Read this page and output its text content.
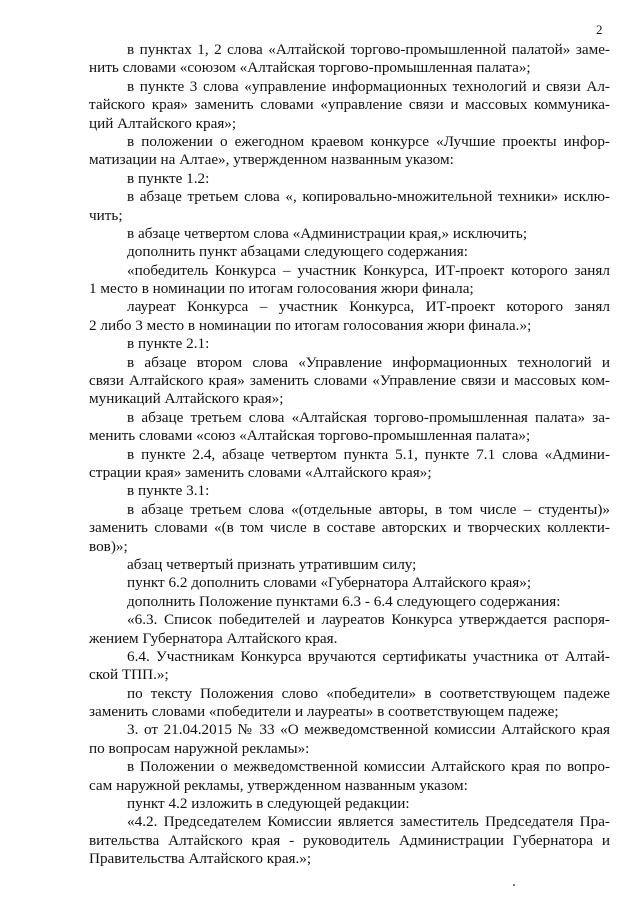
2
в пунктах 1, 2 слова «Алтайской торгово-промышленной палатой» заме-
нить словами «союзом «Алтайская торгово-промышленная палата»;
в пункте 3 слова «управление информационных технологий и связи Ал-
тайского края» заменить словами «управление связи и массовых коммуника-
ций Алтайского края»;
в положении о ежегодном краевом конкурсе «Лучшие проекты инфор-
матизации на Алтае», утвержденном названным указом:
в пункте 1.2:
в абзаце третьем слова «, копировально-множительной техники» исклю-
чить;
в абзаце четвертом слова «Администрации края,» исключить;
дополнить пункт абзацами следующего содержания:
«победитель Конкурса – участник Конкурса, ИТ-проект которого занял
1 место в номинации по итогам голосования жюри финала;
лауреат Конкурса – участник Конкурса, ИТ-проект которого занял
2 либо 3 место в номинации по итогам голосования жюри финала.»;
в пункте 2.1:
в абзаце втором слова «Управление информационных технологий и
связи Алтайского края» заменить словами «Управление связи и массовых ком-
муникаций Алтайского края»;
в абзаце третьем слова «Алтайская торгово-промышленная палата» за-
менить словами «союз «Алтайская торгово-промышленная палата»;
в пункте 2.4, абзаце четвертом пункта 5.1, пункте 7.1 слова «Админи-
страции края» заменить словами «Алтайского края»;
в пункте 3.1:
в абзаце третьем слова «(отдельные авторы, в том числе – студенты)»
заменить словами «(в том числе в составе авторских и творческих коллекти-
вов)»;
абзац четвертый признать утратившим силу;
пункт 6.2 дополнить словами «Губернатора Алтайского края»;
дополнить Положение пунктами 6.3 - 6.4 следующего содержания:
«6.3. Список победителей и лауреатов Конкурса утверждается распоря-
жением Губернатора Алтайского края.
6.4. Участникам Конкурса вручаются сертификаты участника от Алтай-
ской ТПП.»;
по тексту Положения слово «победители» в соответствующем падеже
заменить словами «победители и лауреаты» в соответствующем падеже;
3. от 21.04.2015 № 33 «О межведомственной комиссии Алтайского края
по вопросам наружной рекламы»:
в Положении о межведомственной комиссии Алтайского края по вопро-
сам наружной рекламы, утвержденном названным указом:
пункт 4.2 изложить в следующей редакции:
«4.2. Председателем Комиссии является заместитель Председателя Пра-
вительства Алтайского края - руководитель Администрации Губернатора и
Правительства Алтайского края.»;
